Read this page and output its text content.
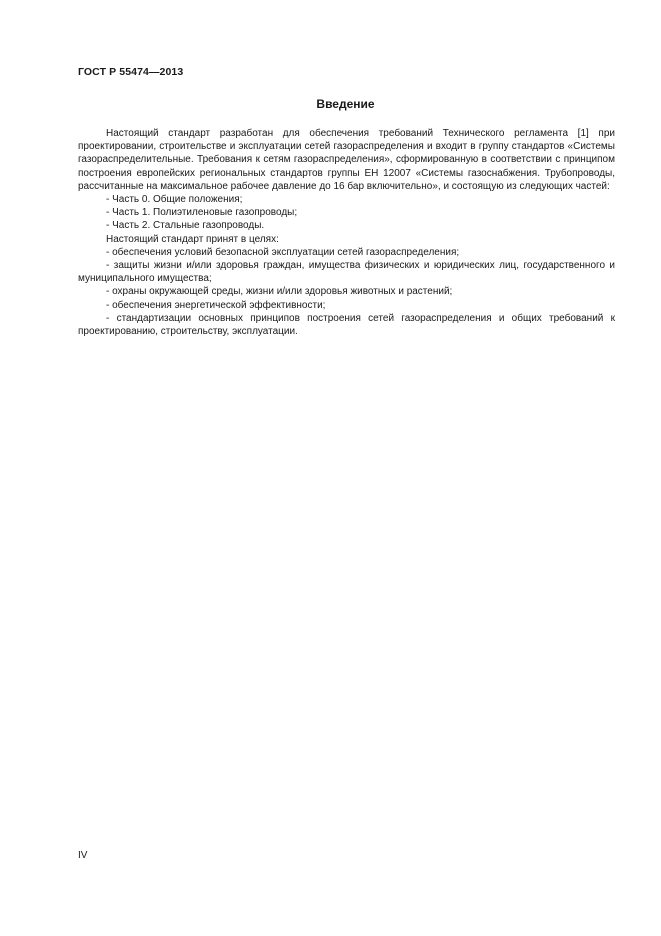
ГОСТ Р 55474—2013
Введение

Настоящий стандарт разработан для обеспечения требований Технического регламента [1] при проектировании, строительстве и эксплуатации сетей газораспределения и входит в группу стандартов «Системы газораспределительные. Требования к сетям газораспределения», сформированную в соответствии с принципом построения европейских региональных стандартов группы ЕН 12007 «Системы газоснабжения. Трубопроводы, рассчитанные на максимальное рабочее давление до 16 бар включительно», и состоящую из следующих частей:

- Часть 0. Общие положения;

- Часть 1. Полиэтиленовые газопроводы;

- Часть 2. Стальные газопроводы.

Настоящий стандарт принят в целях:

- обеспечения условий безопасной эксплуатации сетей газораспределения;

- защиты жизни и/или здоровья граждан, имущества физических и юридических лиц, государственного и муниципального имущества;

- охраны окружающей среды, жизни и/или здоровья животных и растений;

- обеспечения энергетической эффективности;

- стандартизации основных принципов построения сетей газораспределения и общих требований к проектированию, строительству, эксплуатации.

IV
